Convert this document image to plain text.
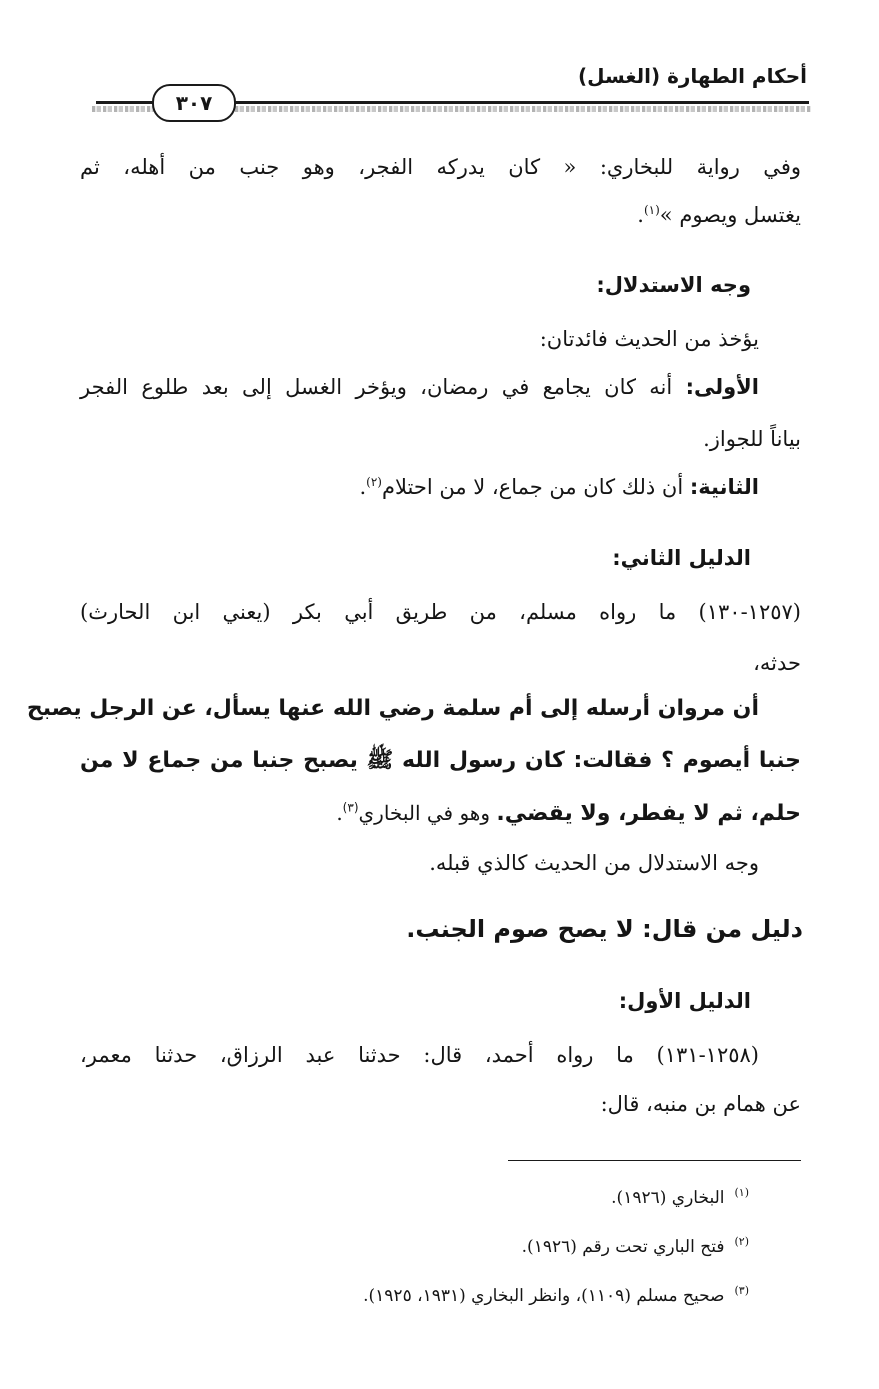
أحكام الطهارة (الغسل)
٣٠٧
وفي رواية للبخاري: « كان يدركه الفجر، وهو جنب من أهله، ثم
يغتسل ويصوم »$^{(١)}$.
وجه الاستدلال:
يؤخذ من الحديث فائدتان:
الأولى: أنه كان يجامع في رمضان، ويؤخر الغسل إلى بعد طلوع الفجر
بياناً للجواز.
الثانية: أن ذلك كان من جماع، لا من احتلام$^{(٢)}$.
الدليل الثاني:
(١٢٥٧-١٣٠) ما رواه مسلم، من طريق أبي بكر (يعني ابن الحارث)
حدثه،
أن مروان أرسله إلى أم سلمة رضي الله عنها يسأل، عن الرجل يصبح
جنبا أيصوم ؟ فقالت: كان رسول الله ﷺ يصبح جنبا من جماع لا من
حلم، ثم لا يفطر، ولا يقضي. وهو في البخاري$^{(٣)}$.
وجه الاستدلال من الحديث كالذي قبله.
دليل من قال: لا يصح صوم الجنب.
الدليل الأول:
(١٢٥٨-١٣١) ما رواه أحمد، قال: حدثنا عبد الرزاق، حدثنا معمر،
عن همام بن منبه، قال:
$^{(١)}$البخاري (١٩٢٦).
$^{(٢)}$فتح الباري تحت رقم (١٩٢٦).
$^{(٣)}$صحيح مسلم (١١٠٩)، وانظر البخاري (١٩٣١، ١٩٢٥).
